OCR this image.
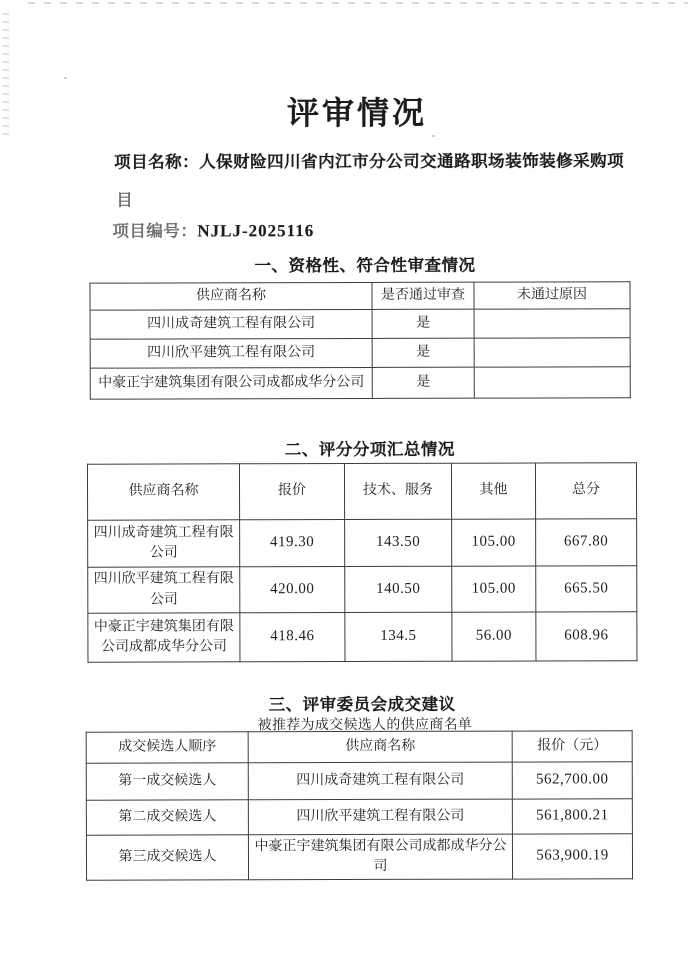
评审情况
项目名称：人保财险四川省内江市分公司交通路职场装饰装修采购项
目
项目编号：NJLJ-2025116
一、资格性、符合性审查情况
供应商名称	是否通过审查	未通过原因
四川成奇建筑工程有限公司	是	
四川欣平建筑工程有限公司	是	
中豪正宇建筑集团有限公司成都成华分公司	是	
二、评分分项汇总情况
供应商名称	报价	技术、服务	其他	总分
四川成奇建筑工程有限公司	419.30	143.50	105.00	667.80
四川欣平建筑工程有限公司	420.00	140.50	105.00	665.50
中豪正宇建筑集团有限公司成都成华分公司	418.46	134.5	56.00	608.96
三、评审委员会成交建议
被推荐为成交候选人的供应商名单
成交候选人顺序	供应商名称	报价（元）
第一成交候选人	四川成奇建筑工程有限公司	562,700.00
第二成交候选人	四川欣平建筑工程有限公司	561,800.21
第三成交候选人	中豪正宇建筑集团有限公司成都成华分公司	563,900.19
